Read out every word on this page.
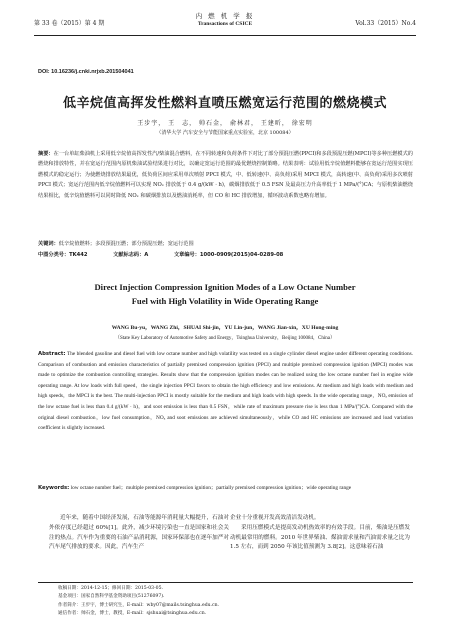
第 33 卷（2015）第 4 期
内 燃 机 学 报
Transactions of CSICE	Vol.33（2015）No.4
DOI: 10.16236/j.cnki.nrjxb.201504041
低辛烷值高挥发性燃料直喷压燃宽运行范围的燃烧模式
王步宇， 王　志， 帅石金， 俞林君， 王建昕， 徐宏明
（清华大学 汽车安全与节能国家重点实验室，北京 100084）
摘要：在一台单缸柴油机上采用低辛烷值高挥发性汽/柴油混合燃料，在不同转速和负荷条件下对比了部分预混压燃(PPCI)和多段预混压燃(MPCI)等多种压燃模式的燃烧和排放特性，并在宽运行范围内原机柴油试验结果进行对比，以确定宽运行范围的最优燃烧控制策略。结果表明：试验用低辛烷值燃料能够在宽运行范围实现压燃模式的稳定运行；为使燃烧排放结果最优，低负荷区间应采用单次喷射 PPCI 模式，中、低转速(中、高负荷)采用 MPCI 模式，高转速(中、高负荷)采用多次喷射 PPCI 模式；宽运行范围内低辛烷值燃料可以实现 NOₓ 排放低于 0.4 g/(kW · h)，碳烟排放低于 0.5 FSN 及最高压力升高率低于 1 MPa/(°)CA；与原机柴油燃烧结果相比，低辛烷值燃料可以同时降低 NOₓ 和碳烟排放以及燃油消耗率，但 CO 和 HC 排放增加，循环波动系数也略有增加。
关键词：低辛烷值燃料；多段预混压燃；部分预混压燃；宽运行范围
中图分类号：TK442	文献标志码：A	文章编号：1000-0909(2015)04-0289-08
Direct Injection Compression Ignition Modes of a Low Octane Number
Fuel with High Volatility in Wide Operating Range
WANG Bu-yu，WANG Zhi，SHUAI Shi-jin，YU Lin-jun，WANG Jian-xin，XU Hong-ming
（State Key Laboratory of Automotive Safety and Energy，Tsinghua University，Beijing 100084，China）
Abstract: The blended gasoline and diesel fuel with low octane number and high volatility was tested on a single cylinder diesel engine under different operating conditions. Comparison of combustion and emission characteristics of partially premixed compression ignition (PPCI) and multiple premixed compression ignition (MPCI) modes was made to optimize the combustion controlling strategies. Results show that the compression ignition modes can be realized using the low octane number fuel in engine wide operating range. At low loads with full speed，the single injection PPCI favors to obtain the high efficiency and low emissions. At medium and high loads with medium and high speeds，the MPCI is the best. The multi-injection PPCI is mostly suitable for the medium and high loads with high speeds. In the wide operating range，NOₓ emission of the low octane fuel is less than 0.4 g/(kW · h)，and soot emission is less than 0.5 FSN，while rate of maximum pressure rise is less than 1 MPa/(°)CA. Compared with the original diesel combustion，low fuel consumption，NOₓ and soot emissions are achieved simultaneously，while CO and HC emissions are increased and load variation coefficient is slightly increased.
Keywords: low octane number fuel；multiple premixed compression ignition；partially premixed compression ignition；wide operating range

近年来，随着中国经济发展，石油等能源年消耗量大幅提升，石油对外依存度已经超过 60%[1]。此外，减少环境污染也一直是国家和社会关注的热点。汽车作为重要的石油产品消耗源，国家环保部也在逐年加严对汽车尾气排放的要求。因此，汽车生产

企业十分重视开发高效清洁发动机。

采用压燃模式是提高发动机热效率的有效手段。目前，柴油是压燃发动机最常用的燃料。2010 年世界柴油、煤油需求量和汽油需求量之比为 1.5 左右，而到 2050 年该比值预测为 3.8[2]。这意味着石油

收稿日期：2014-12-15；修回日期：2015-03-05.
基金项目：国家自然科学基金资助项目(51276097).
作者简介：王步宇，博士研究生，E-mail：wby07@mails.tsinghua.edu.cn.
通信作者：帅石金，博士，教授，E-mail：sjshuai@tsinghua.edu.cn.
